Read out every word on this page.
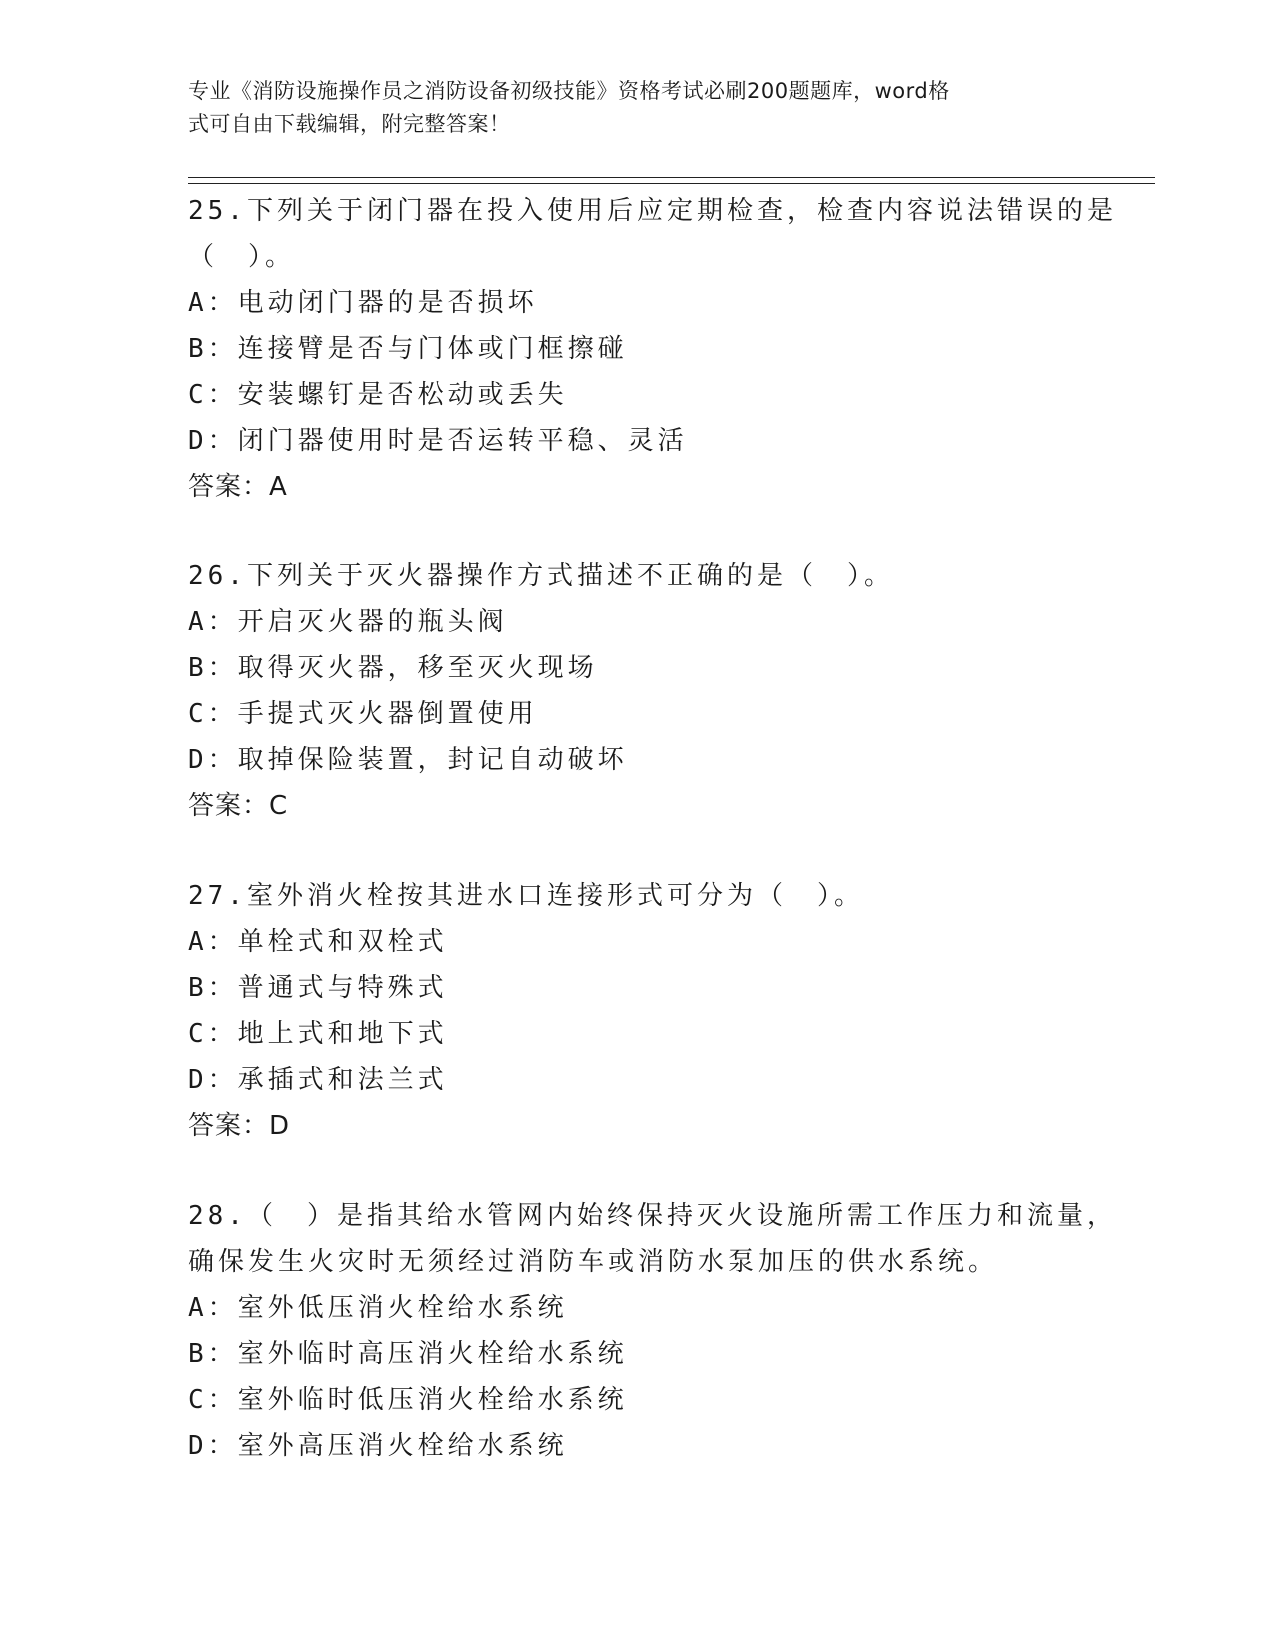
专业《消防设施操作员之消防设备初级技能》资格考试必刷200题题库，word格
式可自由下载编辑，附完整答案！
25.下列关于闭门器在投入使用后应定期检查，检查内容说法错误的是
（　）。
A：电动闭门器的是否损坏
B：连接臂是否与门体或门框擦碰
C：安装螺钉是否松动或丢失
D：闭门器使用时是否运转平稳、灵活
答案：A
26.下列关于灭火器操作方式描述不正确的是（　）。
A：开启灭火器的瓶头阀
B：取得灭火器，移至灭火现场
C：手提式灭火器倒置使用
D：取掉保险装置，封记自动破坏
答案：C
27.室外消火栓按其进水口连接形式可分为（　）。
A：单栓式和双栓式
B：普通式与特殊式
C：地上式和地下式
D：承插式和法兰式
答案：D
28.（　）是指其给水管网内始终保持灭火设施所需工作压力和流量，
确保发生火灾时无须经过消防车或消防水泵加压的供水系统。
A：室外低压消火栓给水系统
B：室外临时高压消火栓给水系统
C：室外临时低压消火栓给水系统
D：室外高压消火栓给水系统
